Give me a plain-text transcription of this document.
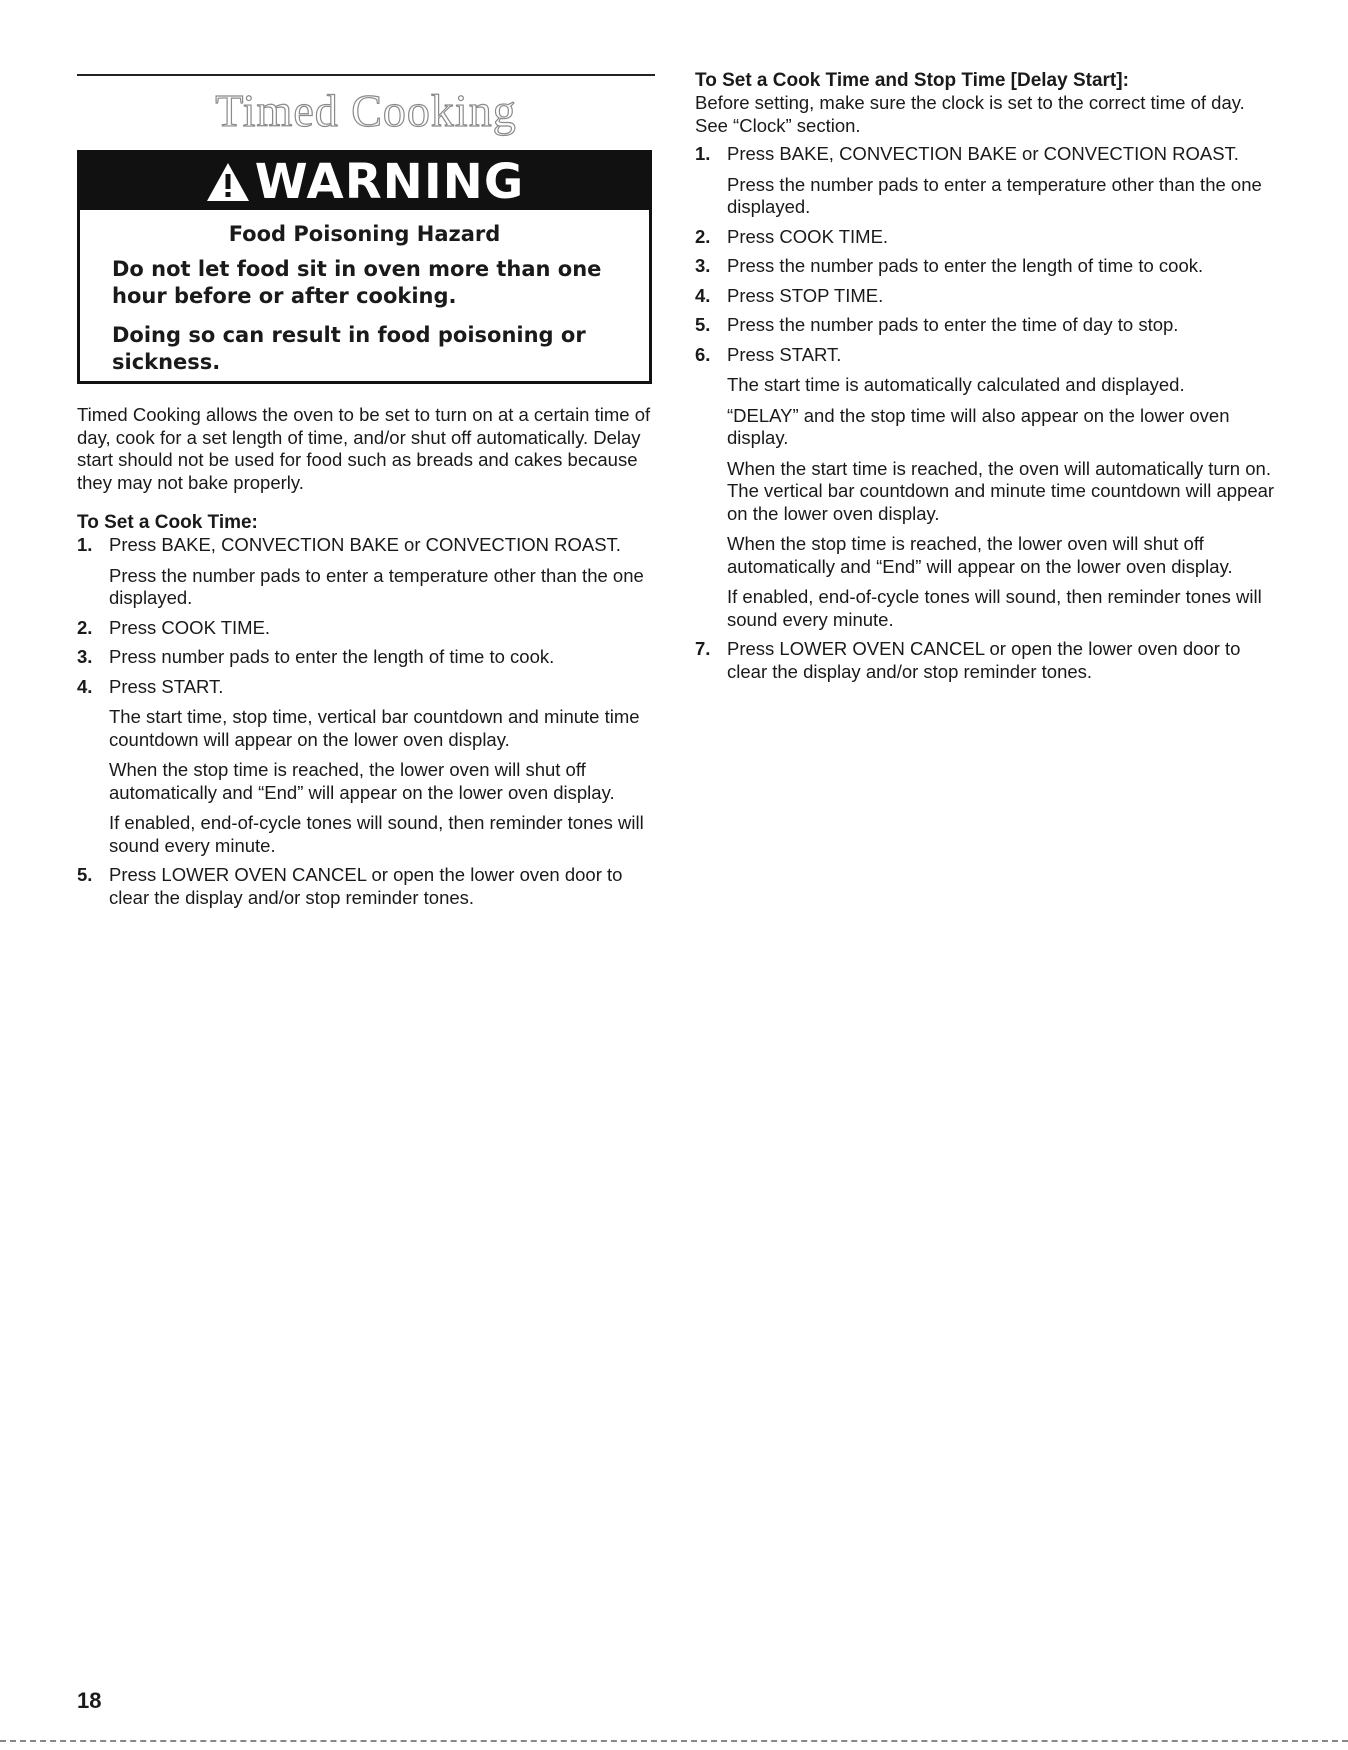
Timed Cooking
WARNING
Food Poisoning Hazard
Do not let food sit in oven more than one hour before or after cooking.
Doing so can result in food poisoning or sickness.

Timed Cooking allows the oven to be set to turn on at a certain time of day, cook for a set length of time, and/or shut off automatically. Delay start should not be used for food such as breads and cakes because they may not bake properly.

To Set a Cook Time:

1. Press BAKE, CONVECTION BAKE or CONVECTION ROAST.
Press the number pads to enter a temperature other than the one displayed.
2. Press COOK TIME.
3. Press number pads to enter the length of time to cook.
4. Press START.
The start time, stop time, vertical bar countdown and minute time countdown will appear on the lower oven display.
When the stop time is reached, the lower oven will shut off automatically and “End” will appear on the lower oven display.
If enabled, end-of-cycle tones will sound, then reminder tones will sound every minute.
5. Press LOWER OVEN CANCEL or open the lower oven door to clear the display and/or stop reminder tones.

To Set a Cook Time and Stop Time [Delay Start]:

Before setting, make sure the clock is set to the correct time of day. See “Clock” section.

1. Press BAKE, CONVECTION BAKE or CONVECTION ROAST.
Press the number pads to enter a temperature other than the one displayed.
2. Press COOK TIME.
3. Press the number pads to enter the length of time to cook.
4. Press STOP TIME.
5. Press the number pads to enter the time of day to stop.
6. Press START.
The start time is automatically calculated and displayed.
“DELAY” and the stop time will also appear on the lower oven display.
When the start time is reached, the oven will automatically turn on. The vertical bar countdown and minute time countdown will appear on the lower oven display.
When the stop time is reached, the lower oven will shut off automatically and “End” will appear on the lower oven display.
If enabled, end-of-cycle tones will sound, then reminder tones will sound every minute.
7. Press LOWER OVEN CANCEL or open the lower oven door to clear the display and/or stop reminder tones.
18
